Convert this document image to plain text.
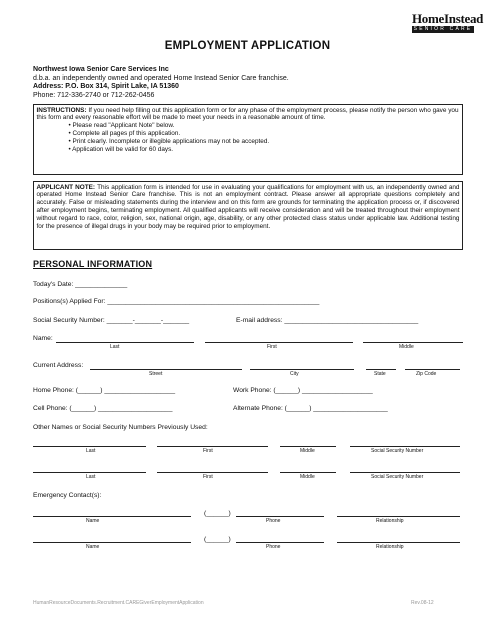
HomeInstead
SENIOR CARE
EMPLOYMENT APPLICATION
Northwest Iowa Senior Care Services Inc
d.b.a. an independently owned and operated Home Instead Senior Care franchise.
Address: P.O. Box 314, Spirit Lake, IA 51360
Phone: 712-336-2740 or 712-262-0456
INSTRUCTIONS: If you need help filling out this application form or for any phase of the employment process, please notify the person who gave you this form and every reasonable effort will be made to meet your needs in a reasonable amount of time.
• Please read "Applicant Note" below.
• Complete all pages pf this application.
• Print clearly. Incomplete or illegible applications may not be accepted.
• Application will be valid for 60 days.
APPLICANT NOTE: This application form is intended for use in evaluating your qualifications for employment with us, an independently owned and operated Home Instead Senior Care franchise. This is not an employment contract. Please answer all appropriate questions completely and accurately. False or misleading statements during the interview and on this form are grounds for terminating the application process or, if discovered after employment begins, terminating employment. All qualified applicants will receive consideration and will be treated throughout their employment without regard to race, color, religion, sex, national origin, age, disability, or any other protected class status under applicable law. Additional testing for the presence of illegal drugs in your body may be required prior to employment.
PERSONAL INFORMATION
Today's Date: ______________
Positions(s) Applied For: _________________________________________________________
Social Security Number: _______-_______-_______	E-mail address: ____________________________________
Name:
Last	First	Middle
Current Address:
Street	City	State	Zip Code
Home Phone: (______) ___________________	Work Phone: (______) ___________________
Cell Phone: (______) ____________________	Alternate Phone: (______) ____________________
Other Names or Social Security Numbers Previously Used:
Last	First	Middle	Social Security Number
Last	First	Middle	Social Security Number
Emergency Contact(s):
(______)
Name	Phone	Relationship
(______)
Name	Phone	Relationship
HumanResourceDocuments.Recruitment.CAREGiverEmploymentApplication	Rev.08-12
